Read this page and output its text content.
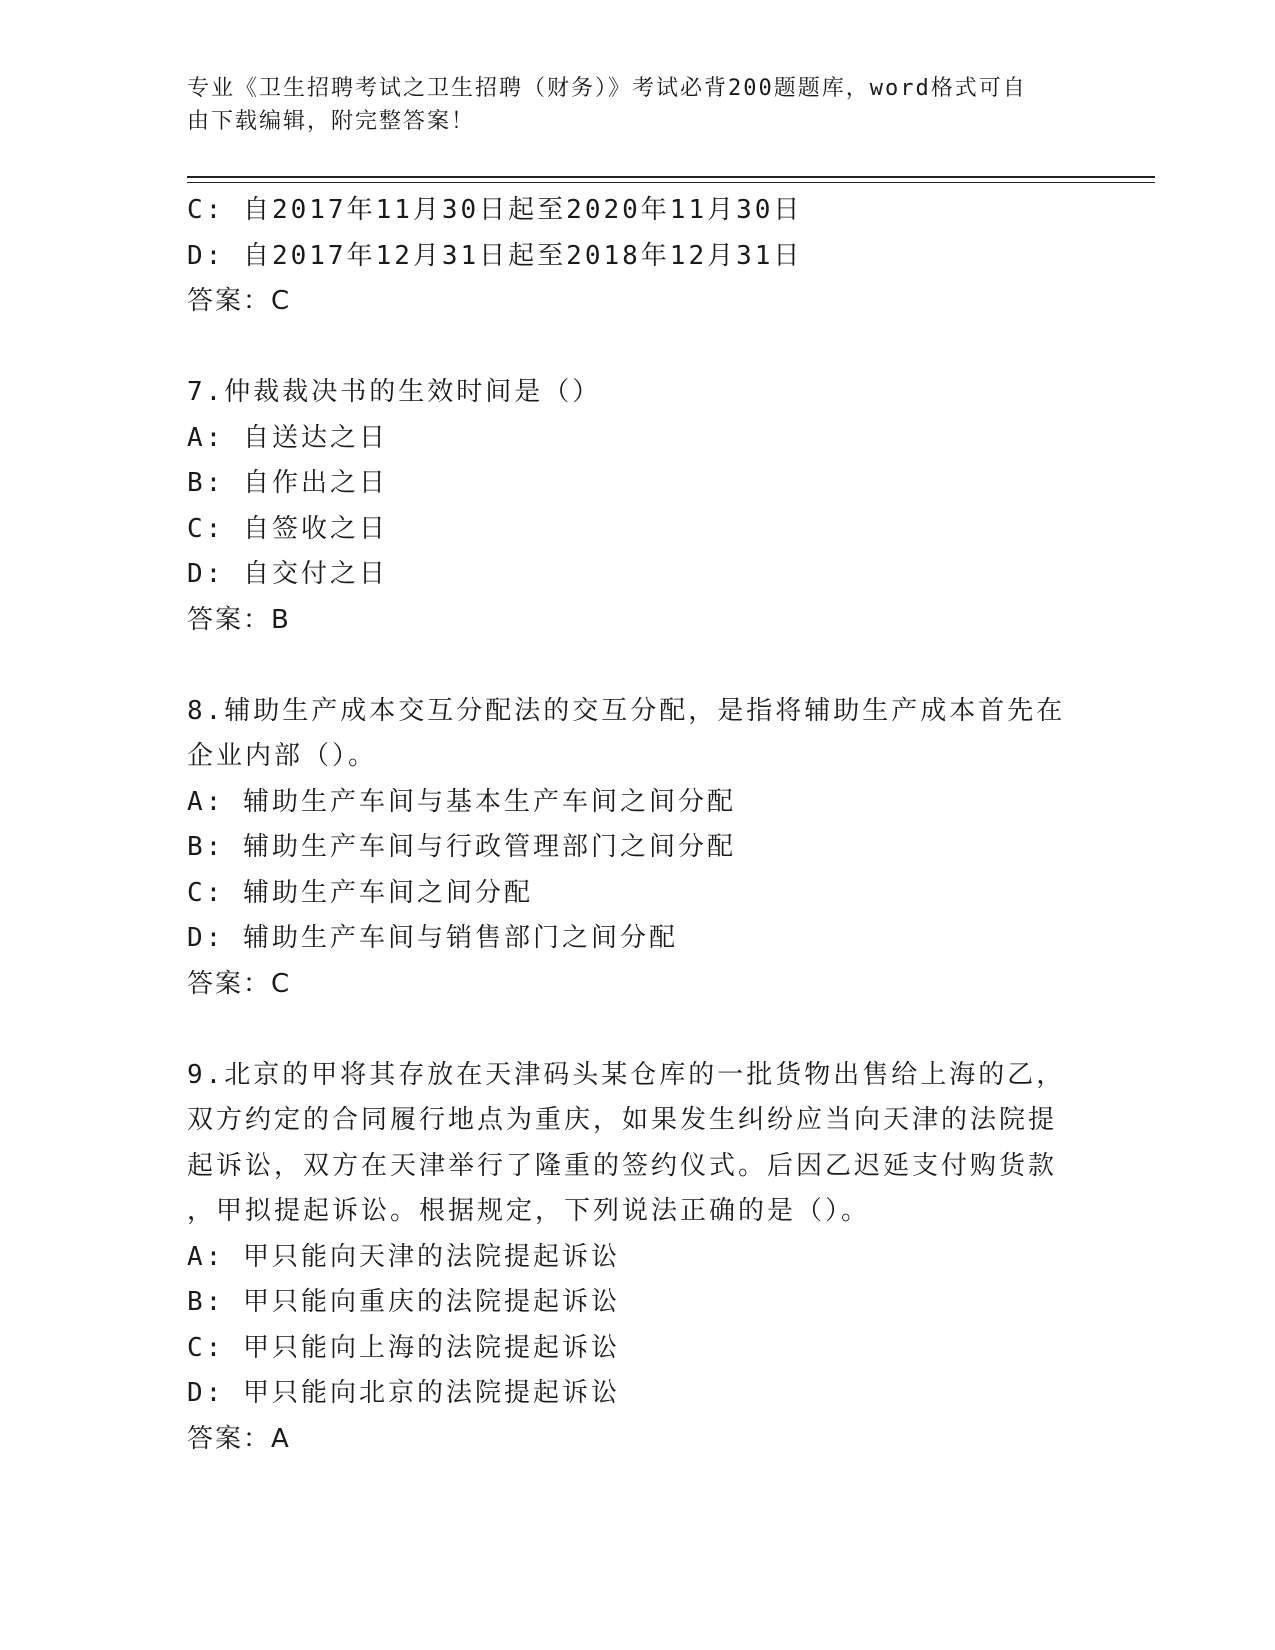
专业《卫生招聘考试之卫生招聘（财务）》考试必背200题题库，word格式可自
由下载编辑，附完整答案！
C: 自2017年11月30日起至2020年11月30日
D: 自2017年12月31日起至2018年12月31日
答案：C
7.仲裁裁决书的生效时间是（）
A: 自送达之日
B: 自作出之日
C: 自签收之日
D: 自交付之日
答案：B
8.辅助生产成本交互分配法的交互分配，是指将辅助生产成本首先在
企业内部（）。
A: 辅助生产车间与基本生产车间之间分配
B: 辅助生产车间与行政管理部门之间分配
C: 辅助生产车间之间分配
D: 辅助生产车间与销售部门之间分配
答案：C
9.北京的甲将其存放在天津码头某仓库的一批货物出售给上海的乙，
双方约定的合同履行地点为重庆，如果发生纠纷应当向天津的法院提
起诉讼，双方在天津举行了隆重的签约仪式。后因乙迟延支付购货款
，甲拟提起诉讼。根据规定，下列说法正确的是（）。
A: 甲只能向天津的法院提起诉讼
B: 甲只能向重庆的法院提起诉讼
C: 甲只能向上海的法院提起诉讼
D: 甲只能向北京的法院提起诉讼
答案：A
